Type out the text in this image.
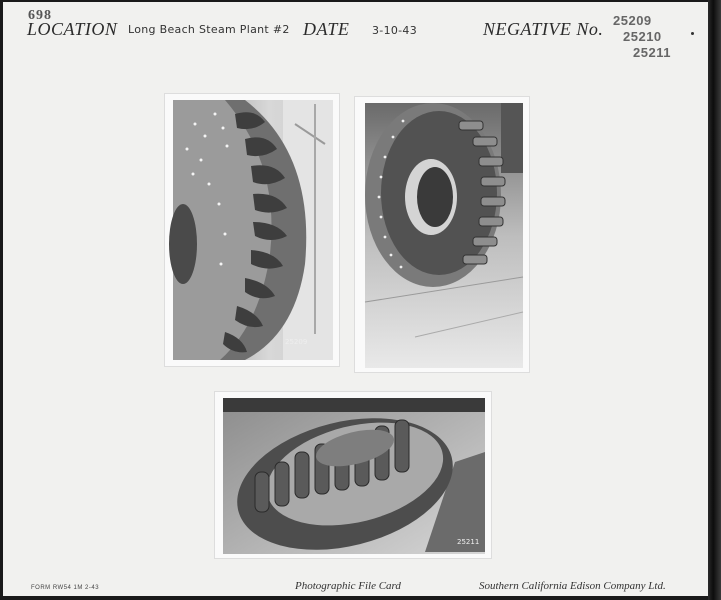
698
LOCATION Long Beach Steam Plant #2 DATE 3-10-43	NEGATIVE No. 25209
25210
25211
25209
25211
FORM RW54 1M 2-43	Photographic File Card	Southern California Edison Company Ltd.
